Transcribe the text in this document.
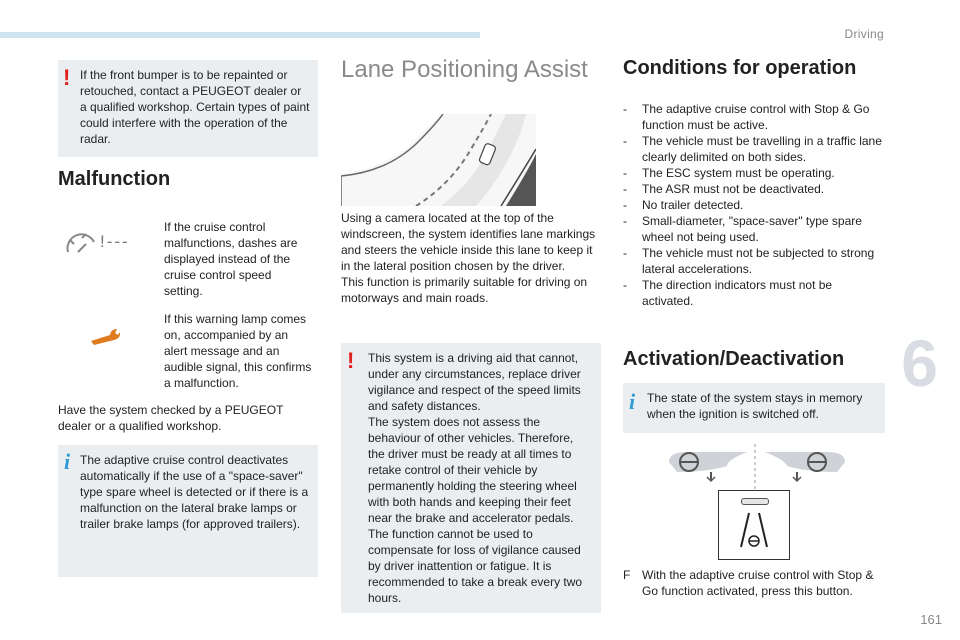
Driving
6
161
! If the front bumper is to be repainted or retouched, contact a PEUGEOT dealer or a qualified workshop. Certain types of paint could interfere with the operation of the radar.
Malfunction
!---
If the cruise control malfunctions, dashes are displayed instead of the cruise control speed setting.
If this warning lamp comes on, accompanied by an alert message and an audible signal, this confirms a malfunction.
Have the system checked by a PEUGEOT dealer or a qualified workshop.
i The adaptive cruise control deactivates automatically if the use of a "space-saver" type spare wheel is detected or if there is a malfunction on the lateral brake lamps or trailer brake lamps (for approved trailers).
Lane Positioning Assist
Using a camera located at the top of the windscreen, the system identifies lane markings and steers the vehicle inside this lane to keep it in the lateral position chosen by the driver.
This function is primarily suitable for driving on motorways and main roads.
! This system is a driving aid that cannot, under any circumstances, replace driver vigilance and respect of the speed limits and safety distances.
The system does not assess the behaviour of other vehicles. Therefore, the driver must be ready at all times to retake control of their vehicle by permanently holding the steering wheel with both hands and keeping their feet near the brake and accelerator pedals.
The function cannot be used to compensate for loss of vigilance caused by driver inattention or fatigue. It is recommended to take a break every two hours.
Conditions for operation
- The adaptive cruise control with Stop & Go function must be active.
- The vehicle must be travelling in a traffic lane clearly delimited on both sides.
- The ESC system must be operating.
- The ASR must not be deactivated.
- No trailer detected.
- Small-diameter, "space-saver" type spare wheel not being used.
- The vehicle must not be subjected to strong lateral accelerations.
- The direction indicators must not be activated.
Activation/Deactivation
i The state of the system stays in memory when the ignition is switched off.
F With the adaptive cruise control with Stop & Go function activated, press this button.
